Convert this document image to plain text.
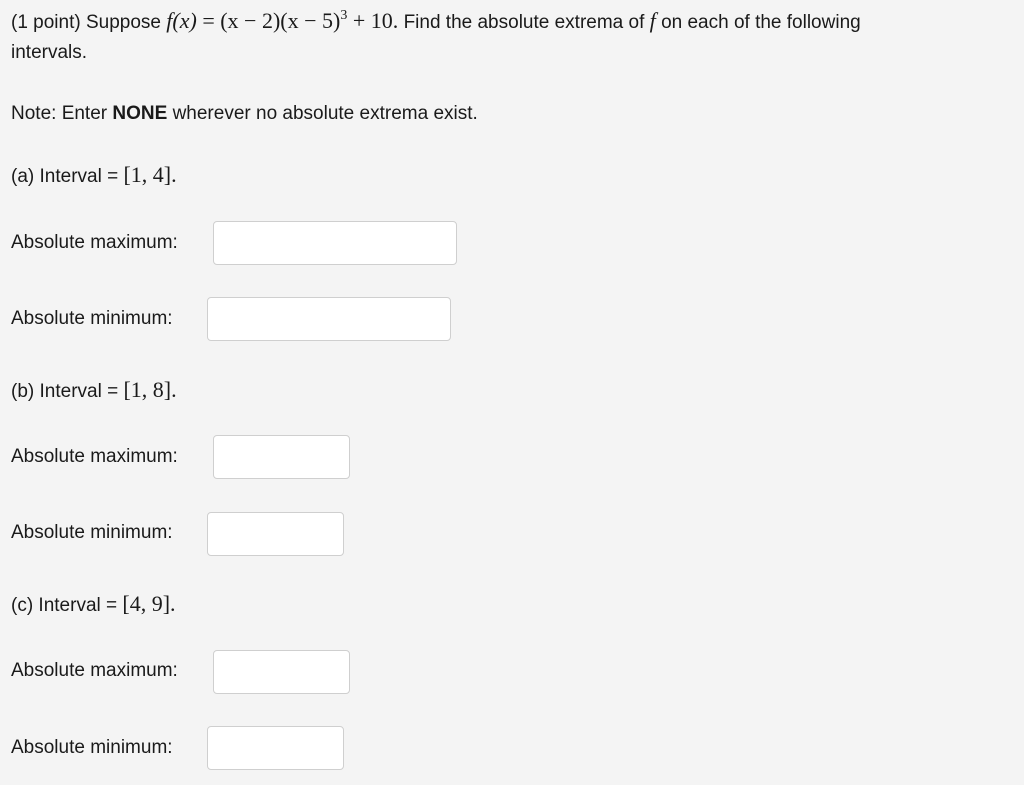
(1 point) Suppose $f(x) = (x - 2)(x - 5)^3 + 10$. Find the absolute extrema of f on each of the following
intervals.
Note: Enter NONE wherever no absolute extrema exist.
(a) Interval = [1, 4].
Absolute maximum:
Absolute minimum:
(b) Interval = [1, 8].
Absolute maximum:
Absolute minimum:
(c) Interval = [4, 9].
Absolute maximum:
Absolute minimum:
